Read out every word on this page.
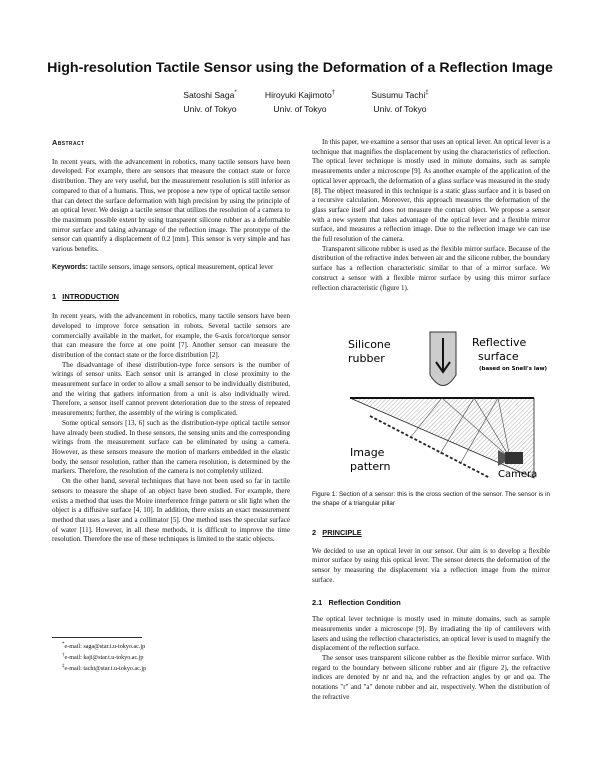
High-resolution Tactile Sensor using the Deformation of a Reflection Image
Satoshi Saga*
Univ. of Tokyo
Hiroyuki Kajimoto†
Univ. of Tokyo
Susumu Tachi‡
Univ. of Tokyo
Abstract

In recent years, with the advancement in robotics, many tactile sensors have been developed. For example, there are sensors that measure the contact state or force distribution. They are very useful, but the measurement resolution is still inferior as compared to that of a humans. Thus, we propose a new type of optical tactile sensor that can detect the surface deformation with high precision by using the principle of an optical lever. We design a tactile sensor that utilizes the resolution of a camera to the maximum possible extent by using transparent silicone rubber as a deformable mirror surface and taking advantage of the reflection image. The prototype of the sensor can quantify a displacement of 0.2 [mm]. This sensor is very simple and has various benefits.

Keywords: tactile sensors, image sensors, optical measurement, optical lever

1 INTRODUCTION

In recent years, with the advancement in robotics, many tactile sensors have been developed to improve force sensation in robots. Several tactile sensors are commercially available in the market, for example, the 6-axis force/torque sensor that can measure the force at one point [7]. Another sensor can measure the distribution of the contact state or the force distribution [2].

The disadvantage of these distribution-type force sensors is the number of wirings of sensor units. Each sensor unit is arranged in close proximity to the measurement surface in order to allow a small sensor to be individually distributed, and the wiring that gathers information from a unit is also individually wired. Therefore, a sensor itself cannot prevent deterioration due to the stress of repeated measurements; further, the assembly of the wiring is complicated.

Some optical sensors [13, 6] such as the distribution-type optical tactile sensor have already been studied. In these sensors, the sensing units and the corresponding wirings from the measurement surface can be eliminated by using a camera. However, as these sensors measure the motion of markers embedded in the elastic body, the sensor resolution, rather than the camera resolution, is determined by the markers. Therefore, the resolution of the camera is not completely utilized.

On the other hand, several techniques that have not been used so far in tactile sensors to measure the shape of an object have been studied. For example, there exists a method that uses the Moire interference fringe pattern or slit light when the object is a diffusive surface [4, 10]. In addition, there exists an exact measurement method that uses a laser and a collimator [5]. One method uses the specular surface of water [11]. However, in all these methods, it is difficult to improve the time resolution. Therefore the use of these techniques is limited to the static objects.

*e-mail: saga@star.t.u-tokyo.ac.jp
†e-mail: kaji@star.t.u-tokyo.ac.jp
‡e-mail: tachi@star.t.u-tokyo.ac.jp

In this paper, we examine a sensor that uses an optical lever. An optical lever is a technique that magnifies the displacement by using the characteristics of reflection. The optical lever technique is mostly used in minute domains, such as sample measurements under a microscope [9]. As another example of the application of the optical lever approach, the deformation of a glass surface was measured in the study [8]. The object measured in this technique is a static glass surface and it is based on a recursive calculation. Moreover, this approach measures the deformation of the glass surface itself and does not measure the contact object. We propose a sensor with a new system that takes advantage of the optical lever and a flexible mirror surface, and measures a reflection image. Due to the reflection image we can use the full resolution of the camera.

Transparent silicone rubber is used as the flexible mirror surface. Because of the distribution of the refractive index between air and the silicone rubber, the boundary surface has a reflection characteristic similar to that of a mirror surface. We construct a sensor with a flexible mirror surface by using this mirror surface reflection characteristic (figure 1).

Silicone
rubber
Reflective
surface
(based on Snell's law)
Image
pattern
Camera

Figure 1: Section of a sensor: this is the cross section of the sensor. The sensor is in the shape of a triangular pillar

2 PRINCIPLE

We decided to use an optical lever in our sensor. Our aim is to develop a flexible mirror surface by using this optical lever. The sensor detects the deformation of the sensor by measuring the displacement via a reflection image from the mirror surface.

2.1 Reflection Condition

The optical lever technique is mostly used in minute domains, such as sample measurements under a microscope [9]. By irradiating the tip of cantilevers with lasers and using the reflection characteristics, an optical lever is used to magnify the displacement of the reflection surface.

The sensor uses transparent silicone rubber as the flexible mirror surface. With regard to the boundary between silicone rubber and air (figure 2), the refractive indices are denoted by nr and na, and the refraction angles by φr and φa. The notations "r" and "a" denote rubber and air, respectively. When the distribution of the refractive
